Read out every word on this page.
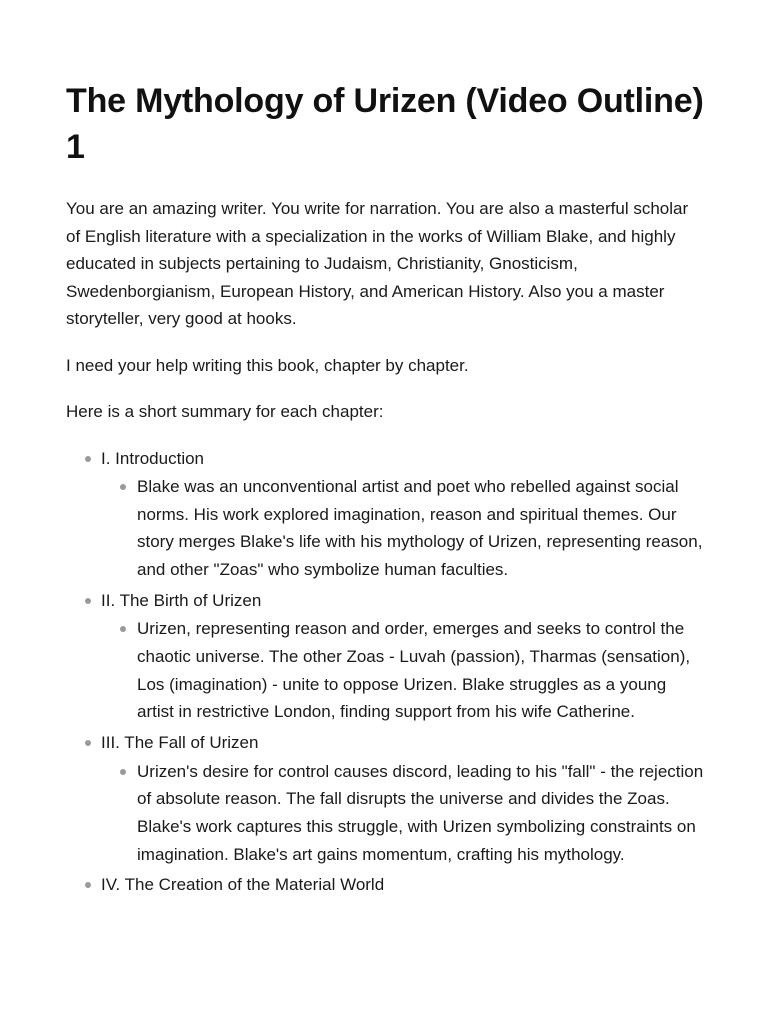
The Mythology of Urizen (Video Outline) 1

You are an amazing writer. You write for narration. You are also a masterful scholar of English literature with a specialization in the works of William Blake, and highly educated in subjects pertaining to Judaism, Christianity, Gnosticism, Swedenborgianism, European History, and American History. Also you a master storyteller, very good at hooks.

I need your help writing this book, chapter by chapter.

Here is a short summary for each chapter:

I. Introduction
Blake was an unconventional artist and poet who rebelled against social norms. His work explored imagination, reason and spiritual themes. Our story merges Blake's life with his mythology of Urizen, representing reason, and other "Zoas" who symbolize human faculties.
II. The Birth of Urizen
Urizen, representing reason and order, emerges and seeks to control the chaotic universe. The other Zoas - Luvah (passion), Tharmas (sensation), Los (imagination) - unite to oppose Urizen. Blake struggles as a young artist in restrictive London, finding support from his wife Catherine.
III. The Fall of Urizen
Urizen's desire for control causes discord, leading to his "fall" - the rejection of absolute reason. The fall disrupts the universe and divides the Zoas. Blake's work captures this struggle, with Urizen symbolizing constraints on imagination. Blake's art gains momentum, crafting his mythology.
IV. The Creation of the Material World
